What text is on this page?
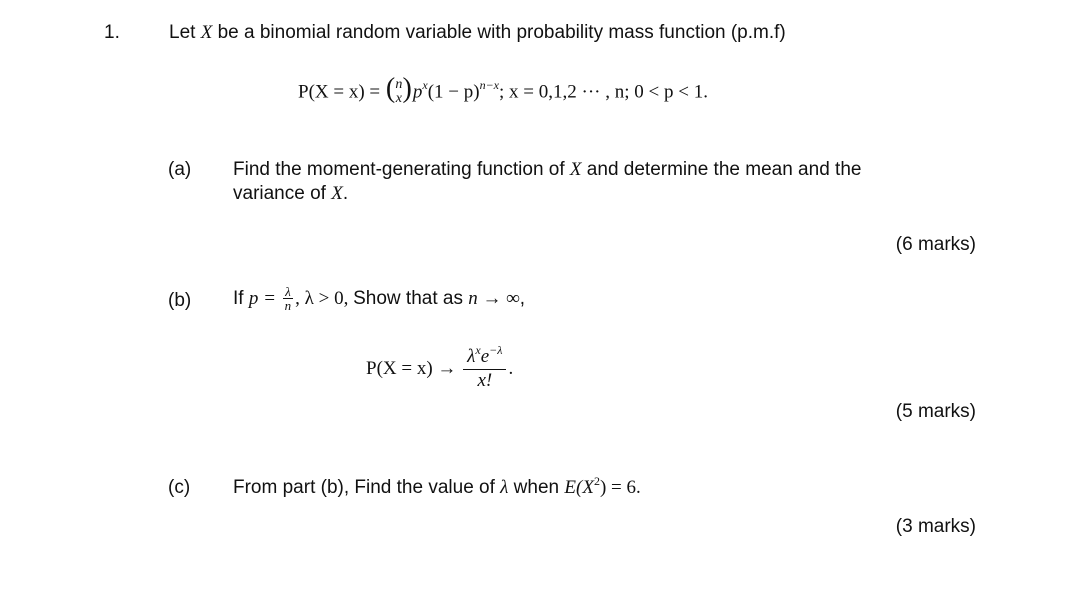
1.	Let X be a binomial random variable with probability mass function (p.m.f)
P(X = x) = ( n
x ) $p^x(1 - p)^{n-x}$; x = 0,1,2 ··· , n; 0 < p < 1.
(a) Find the moment-generating function of X and determine the mean and the
variance of X.
(6 marks)
(b) If $p = \frac{\lambda}{n}$ , λ > 0, Show that as n → ∞,
$P(X = x) \to \frac{\lambda^xe^{-\lambda}}{x!}$ .
(5 marks)
(c) From part (b), Find the value of λ when $E(X^2) = 6$.
(3 marks)
